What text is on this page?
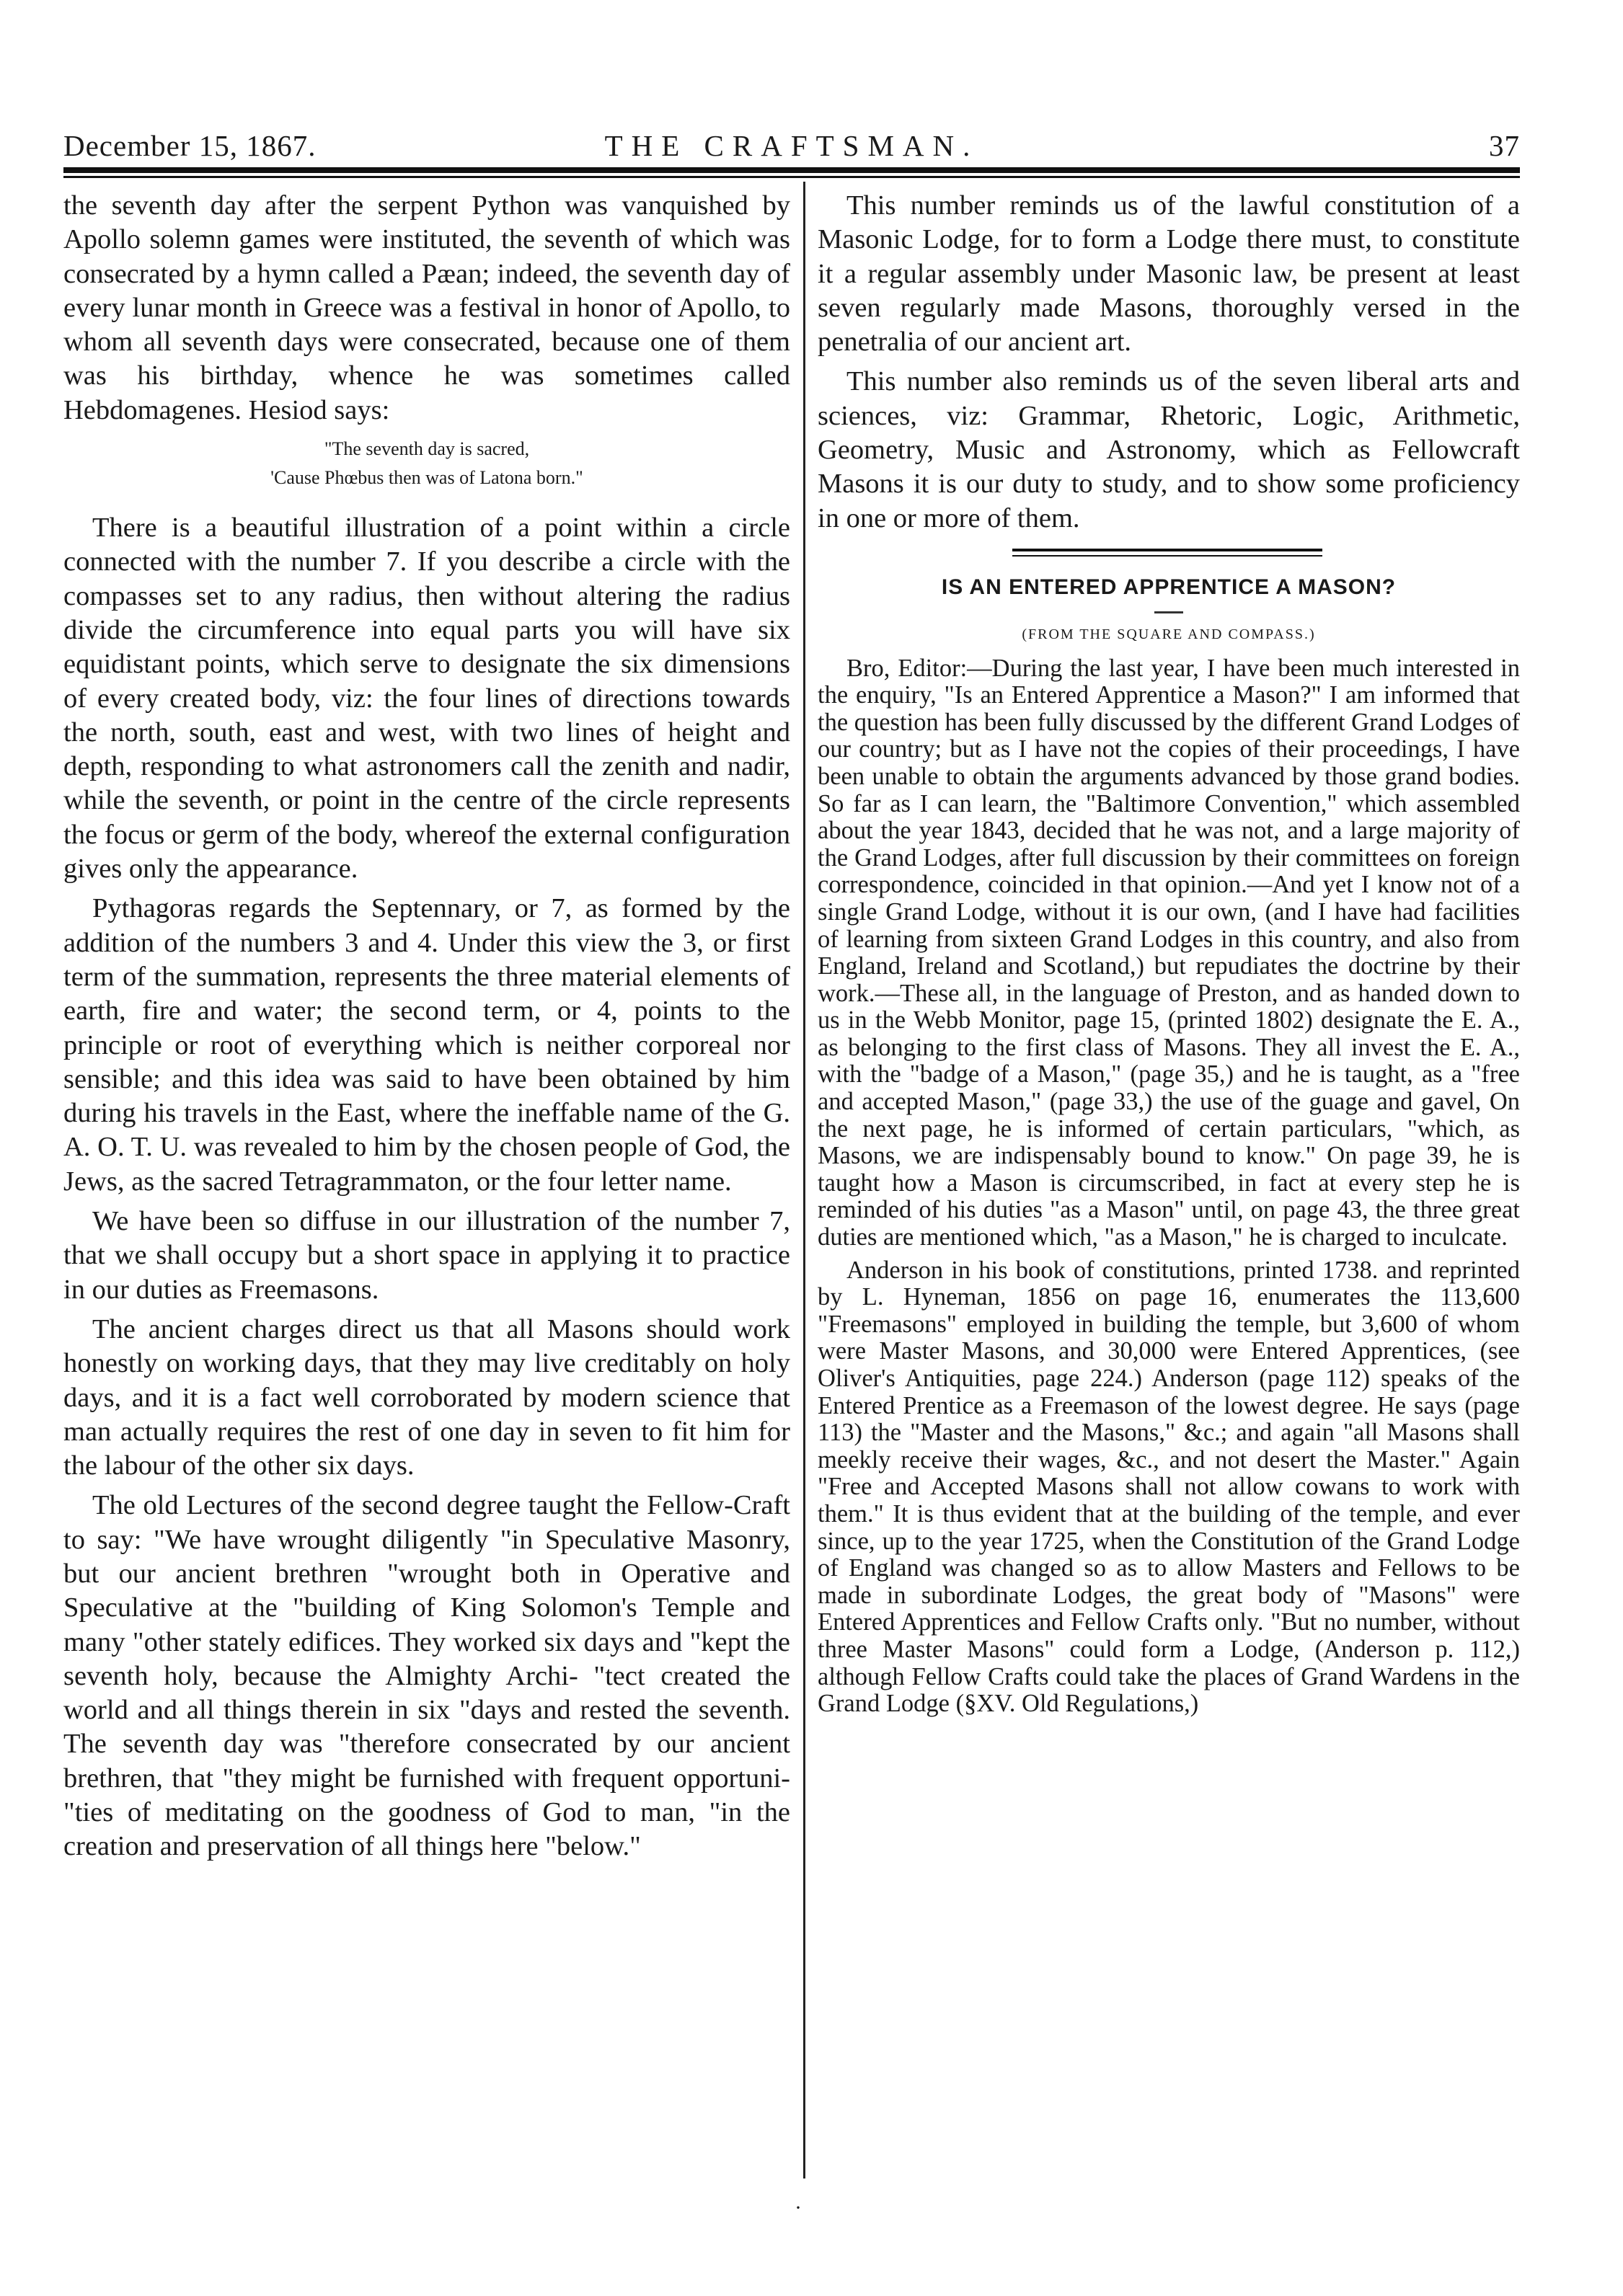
December 15, 1867.	THE CRAFTSMAN.	37

the seventh day after the serpent Python was vanquished by Apollo solemn games were instituted, the seventh of which was consecrated by a hymn called a Pæan; indeed, the seventh day of every lunar month in Greece was a festival in honor of Apollo, to whom all seventh days were consecrated, because one of them was his birthday, whence he was sometimes called Hebdomagenes. Hesiod says:

"The seventh day is sacred,
'Cause Phœbus then was of Latona born."

There is a beautiful illustration of a point within a circle connected with the number 7. If you describe a circle with the compasses set to any radius, then without altering the radius divide the circumference into equal parts you will have six equidistant points, which serve to designate the six dimensions of every created body, viz: the four lines of directions towards the north, south, east and west, with two lines of height and depth, responding to what astronomers call the zenith and nadir, while the seventh, or point in the centre of the circle represents the focus or germ of the body, whereof the external configuration gives only the appearance.

Pythagoras regards the Septennary, or 7, as formed by the addition of the numbers 3 and 4. Under this view the 3, or first term of the summation, represents the three material elements of earth, fire and water; the second term, or 4, points to the principle or root of everything which is neither corporeal nor sensible; and this idea was said to have been obtained by him during his travels in the East, where the ineffable name of the G. A. O. T. U. was revealed to him by the chosen people of God, the Jews, as the sacred Tetragrammaton, or the four letter name.

We have been so diffuse in our illustration of the number 7, that we shall occupy but a short space in applying it to practice in our duties as Freemasons.

The ancient charges direct us that all Masons should work honestly on working days, that they may live creditably on holy days, and it is a fact well corroborated by modern science that man actually requires the rest of one day in seven to fit him for the labour of the other six days.

The old Lectures of the second degree taught the Fellow-Craft to say: "We have wrought diligently "in Speculative Masonry, but our ancient brethren "wrought both in Operative and Speculative at the "building of King Solomon's Temple and many "other stately edifices. They worked six days and "kept the seventh holy, because the Almighty Archi- "tect created the world and all things therein in six "days and rested the seventh. The seventh day was "therefore consecrated by our ancient brethren, that "they might be furnished with frequent opportuni- "ties of meditating on the goodness of God to man, "in the creation and preservation of all things here "below."

This number reminds us of the lawful constitution of a Masonic Lodge, for to form a Lodge there must, to constitute it a regular assembly under Masonic law, be present at least seven regularly made Masons, thoroughly versed in the penetralia of our ancient art.

This number also reminds us of the seven liberal arts and sciences, viz: Grammar, Rhetoric, Logic, Arithmetic, Geometry, Music and Astronomy, which as Fellowcraft Masons it is our duty to study, and to show some proficiency in one or more of them.

IS AN ENTERED APPRENTICE A MASON?
(FROM THE SQUARE AND COMPASS.)

Bro, Editor:—During the last year, I have been much interested in the enquiry, "Is an Entered Apprentice a Mason?" I am informed that the question has been fully discussed by the different Grand Lodges of our country; but as I have not the copies of their proceedings, I have been unable to obtain the arguments advanced by those grand bodies. So far as I can learn, the "Baltimore Convention," which assembled about the year 1843, decided that he was not, and a large majority of the Grand Lodges, after full discussion by their committees on foreign correspondence, coincided in that opinion.—And yet I know not of a single Grand Lodge, without it is our own, (and I have had facilities of learning from sixteen Grand Lodges in this country, and also from England, Ireland and Scotland,) but repudiates the doctrine by their work.—These all, in the language of Preston, and as handed down to us in the Webb Monitor, page 15, (printed 1802) designate the E. A., as belonging to the first class of Masons. They all invest the E. A., with the "badge of a Mason," (page 35,) and he is taught, as a "free and accepted Mason," (page 33,) the use of the guage and gavel, On the next page, he is informed of certain particulars, "which, as Masons, we are indispensably bound to know." On page 39, he is taught how a Mason is circumscribed, in fact at every step he is reminded of his duties "as a Mason" until, on page 43, the three great duties are mentioned which, "as a Mason," he is charged to inculcate.

Anderson in his book of constitutions, printed 1738. and reprinted by L. Hyneman, 1856 on page 16, enumerates the 113,600 "Freemasons" employed in building the temple, but 3,600 of whom were Master Masons, and 30,000 were Entered Apprentices, (see Oliver's Antiquities, page 224.) Anderson (page 112) speaks of the Entered Prentice as a Freemason of the lowest degree. He says (page 113) the "Master and the Masons," &c.; and again "all Masons shall meekly receive their wages, &c., and not desert the Master." Again "Free and Accepted Masons shall not allow cowans to work with them." It is thus evident that at the building of the temple, and ever since, up to the year 1725, when the Constitution of the Grand Lodge of England was changed so as to allow Masters and Fellows to be made in subordinate Lodges, the great body of "Masons" were Entered Apprentices and Fellow Crafts only. "But no number, without three Master Masons" could form a Lodge, (Anderson p. 112,) although Fellow Crafts could take the places of Grand Wardens in the Grand Lodge (§XV. Old Regulations,)

·
